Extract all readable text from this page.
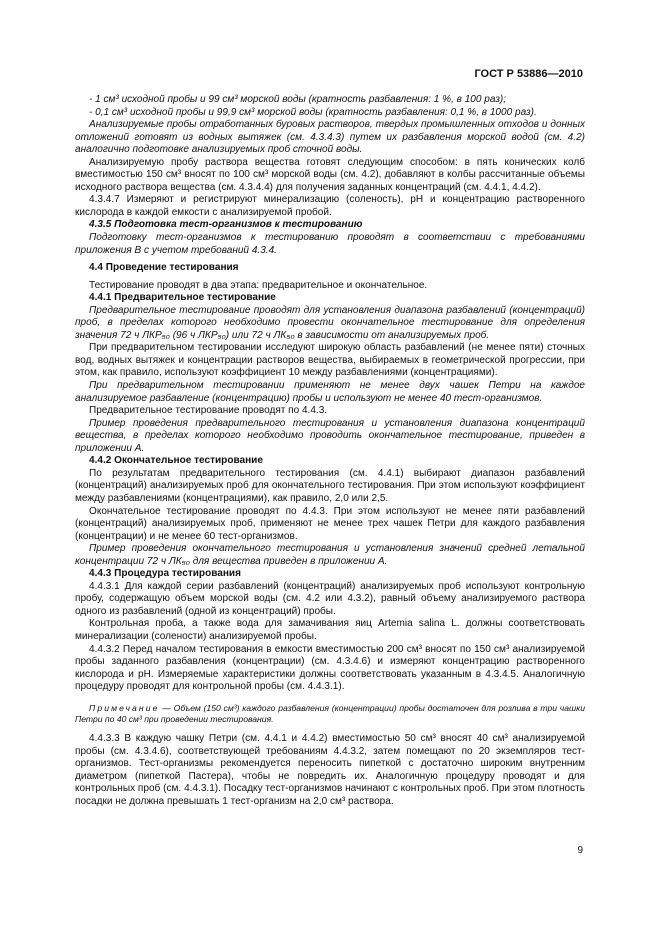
ГОСТ Р 53886—2010

- 1 см³ исходной пробы и 99 см³ морской воды (кратность разбавления: 1 %, в 100 раз);

- 0,1 см³ исходной пробы и 99,9 см³ морской воды (кратность разбавления: 0,1 %, в 1000 раз).

Анализируемые пробы отработанных буровых растворов, твердых промышленных отходов и донных отложений готовят из водных вытяжек (см. 4.3.4.3) путем их разбавления морской водой (см. 4.2) аналогично подготовке анализируемых проб сточной воды.

Анализируемую пробу раствора вещества готовят следующим способом: в пять конических колб вместимостью 150 см³ вносят по 100 см³ морской воды (см. 4.2), добавляют в колбы рассчитанные объемы исходного раствора вещества (см. 4.3.4.4) для получения заданных концентраций (см. 4.4.1, 4.4.2).

4.3.4.7 Измеряют и регистрируют минерализацию (соленость), pH и концентрацию растворенного кислорода в каждой емкости с анализируемой пробой.

4.3.5 Подготовка тест-организмов к тестированию

Подготовку тест-организмов к тестированию проводят в соответствии с требованиями приложения В с учетом требований 4.3.4.

4.4 Проведение тестирования

Тестирование проводят в два этапа: предварительное и окончательное.

4.4.1 Предварительное тестирование

Предварительное тестирование проводят для установления диапазона разбавлений (концентраций) проб, в пределах которого необходимо провести окончательное тестирование для определения значения 72 ч ЛКР₅₀ (96 ч ЛКР₅₀) или 72 ч ЛК₅₀ в зависимости от анализируемых проб.

При предварительном тестировании исследуют широкую область разбавлений (не менее пяти) сточных вод, водных вытяжек и концентрации растворов вещества, выбираемых в геометрической прогрессии, при этом, как правило, используют коэффициент 10 между разбавлениями (концентрациями).

При предварительном тестировании применяют не менее двух чашек Петри на каждое анализируемое разбавление (концентрацию) пробы и используют не менее 40 тест-организмов.

Предварительное тестирование проводят по 4.4.3.

Пример проведения предварительного тестирования и установления диапазона концентраций вещества, в пределах которого необходимо проводить окончательное тестирование, приведен в приложении А.

4.4.2 Окончательное тестирование

По результатам предварительного тестирования (см. 4.4.1) выбирают диапазон разбавлений (концентраций) анализируемых проб для окончательного тестирования. При этом используют коэффициент между разбавлениями (концентрациями), как правило, 2,0 или 2,5.

Окончательное тестирование проводят по 4.4.3. При этом используют не менее пяти разбавлений (концентраций) анализируемых проб, применяют не менее трех чашек Петри для каждого разбавления (концентрации) и не менее 60 тест-организмов.

Пример проведения окончательного тестирования и установления значений средней летальной концентрации 72 ч ЛК₅₀ для вещества приведен в приложении А.

4.4.3 Процедура тестирования

4.4.3.1 Для каждой серии разбавлений (концентраций) анализируемых проб используют контрольную пробу, содержащую объем морской воды (см. 4.2 или 4.3.2), равный объему анализируемого раствора одного из разбавлений (одной из концентраций) пробы.

Контрольная проба, а также вода для замачивания яиц Artemia salina L. должны соответствовать минерализации (солености) анализируемой пробы.

4.4.3.2 Перед началом тестирования в емкости вместимостью 200 см³ вносят по 150 см³ анализируемой пробы заданного разбавления (концентрации) (см. 4.3.4.6) и измеряют концентрацию растворенного кислорода и pH. Измеряемые характеристики должны соответствовать указанным в 4.3.4.5. Аналогичную процедуру проводят для контрольной пробы (см. 4.4.3.1).

Примечание — Объем (150 см³) каждого разбавления (концентрации) пробы достаточен для розлива в три чашки Петри по 40 см³ при проведении тестирования.

4.4.3.3 В каждую чашку Петри (см. 4.4.1 и 4.4.2) вместимостью 50 см³ вносят 40 см³ анализируемой пробы (см. 4.3.4.6), соответствующей требованиям 4.4.3.2, затем помещают по 20 экземпляров тест-организмов. Тест-организмы рекомендуется переносить пипеткой с достаточно широким внутренним диаметром (пипеткой Пастера), чтобы не повредить их. Аналогичную процедуру проводят и для контрольных проб (см. 4.4.3.1). Посадку тест-организмов начинают с контрольных проб. При этом плотность посадки не должна превышать 1 тест-организм на 2,0 см³ раствора.

9
